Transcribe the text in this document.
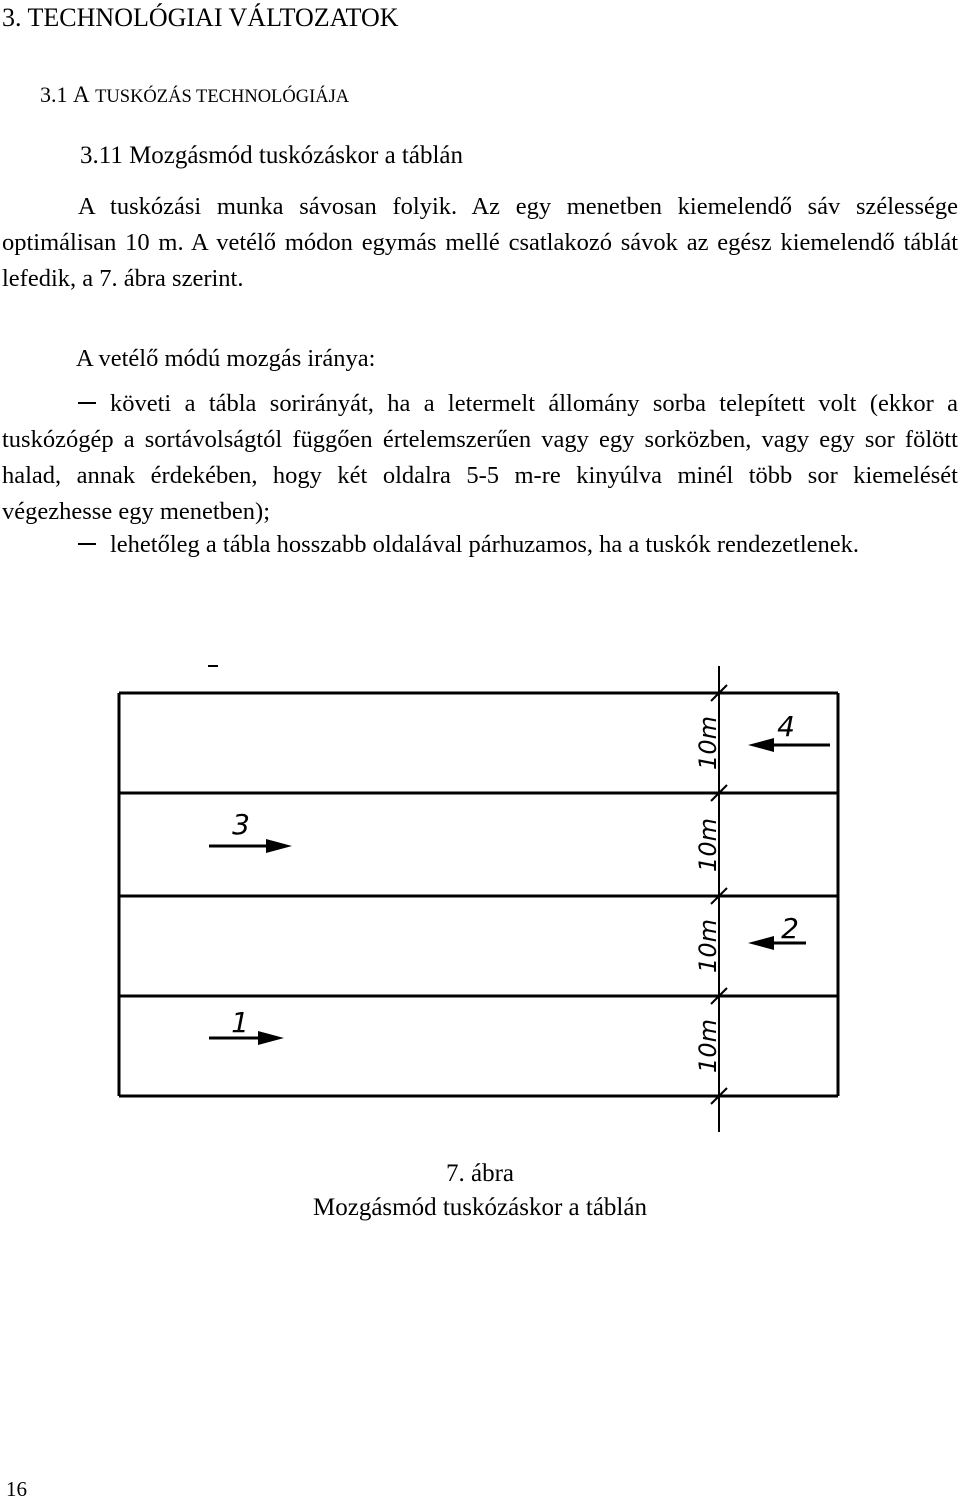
3. TECHNOLÓGIAI VÁLTOZATOK
3.1 A TUSKÓZÁS TECHNOLÓGIÁJA
3.11 Mozgásmód tuskózáskor a táblán
A tuskózási munka sávosan folyik. Az egy menetben kiemelendő sáv szélessége optimálisan 10 m. A vetélő módon egymás mellé csatlakozó sávok az egész kiemelendő táblát lefedik, a 7. ábra szerint.
A vetélő módú mozgás iránya:
követi a tábla sorirányát, ha a letermelt állomány sorba telepített volt (ekkor a tuskózógép a sortávolságtól függően értelemszerűen vagy egy sorközben, vagy egy sor fölött halad, annak érdekében, hogy két oldalra 5-5 m-re kinyúlva minél több sor kiemelését végezhesse egy menetben);
lehetőleg a tábla hosszabb oldalával párhuzamos, ha a tuskók rendezetlenek.
10m
10m
10m
10m
4
3
2
1
7. ábra
Mozgásmód tuskózáskor a táblán
16
